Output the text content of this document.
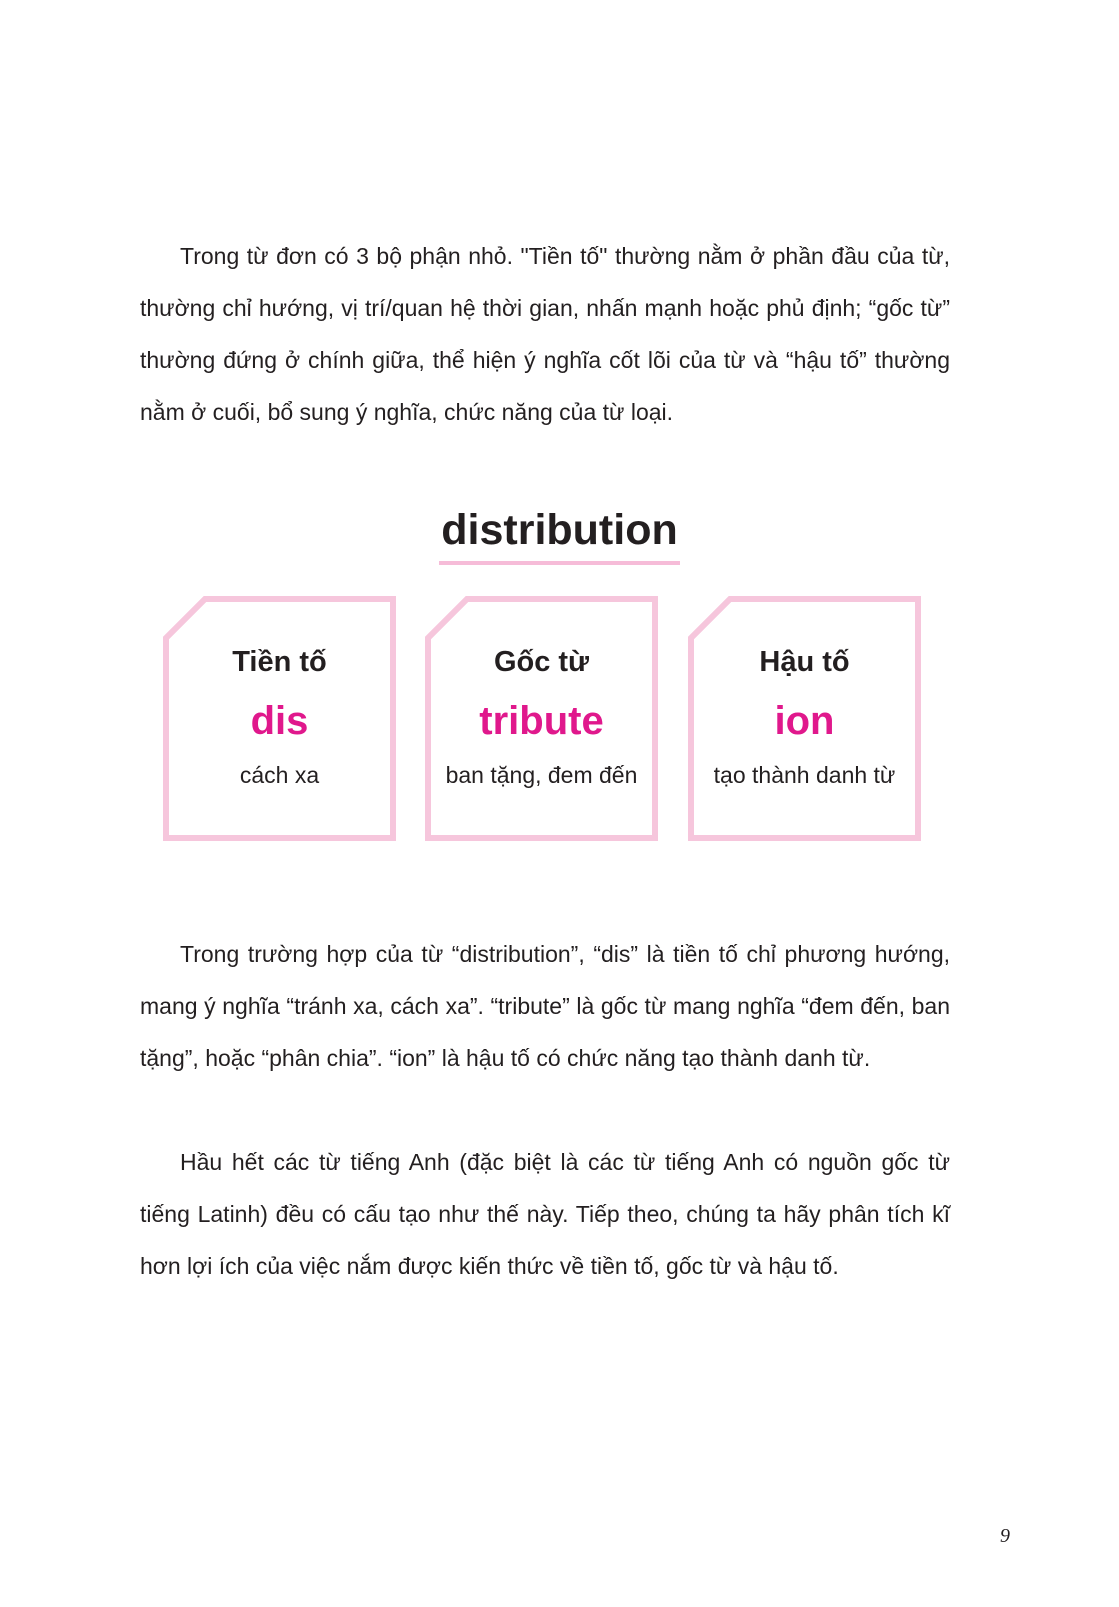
Trong từ đơn có 3 bộ phận nhỏ. "Tiền tố" thường nằm ở phần đầu của từ, thường chỉ hướng, vị trí/quan hệ thời gian, nhấn mạnh hoặc phủ định; “gốc từ” thường đứng ở chính giữa, thể hiện ý nghĩa cốt lõi của từ và “hậu tố” thường nằm ở cuối, bổ sung ý nghĩa, chức năng của từ loại.

distribution

Tiền tố

dis

cách xa

Gốc từ

tribute

ban tặng, đem đến

Hậu tố

ion

tạo thành danh từ

Trong trường hợp của từ “distribution”, “dis” là tiền tố chỉ phương hướng, mang ý nghĩa “tránh xa, cách xa”. “tribute” là gốc từ mang nghĩa “đem đến, ban tặng”, hoặc “phân chia”. “ion” là hậu tố có chức năng tạo thành danh từ.

Hầu hết các từ tiếng Anh (đặc biệt là các từ tiếng Anh có nguồn gốc từ tiếng Latinh) đều có cấu tạo như thế này. Tiếp theo, chúng ta hãy phân tích kĩ hơn lợi ích của việc nắm được kiến thức về tiền tố, gốc từ và hậu tố.

9
